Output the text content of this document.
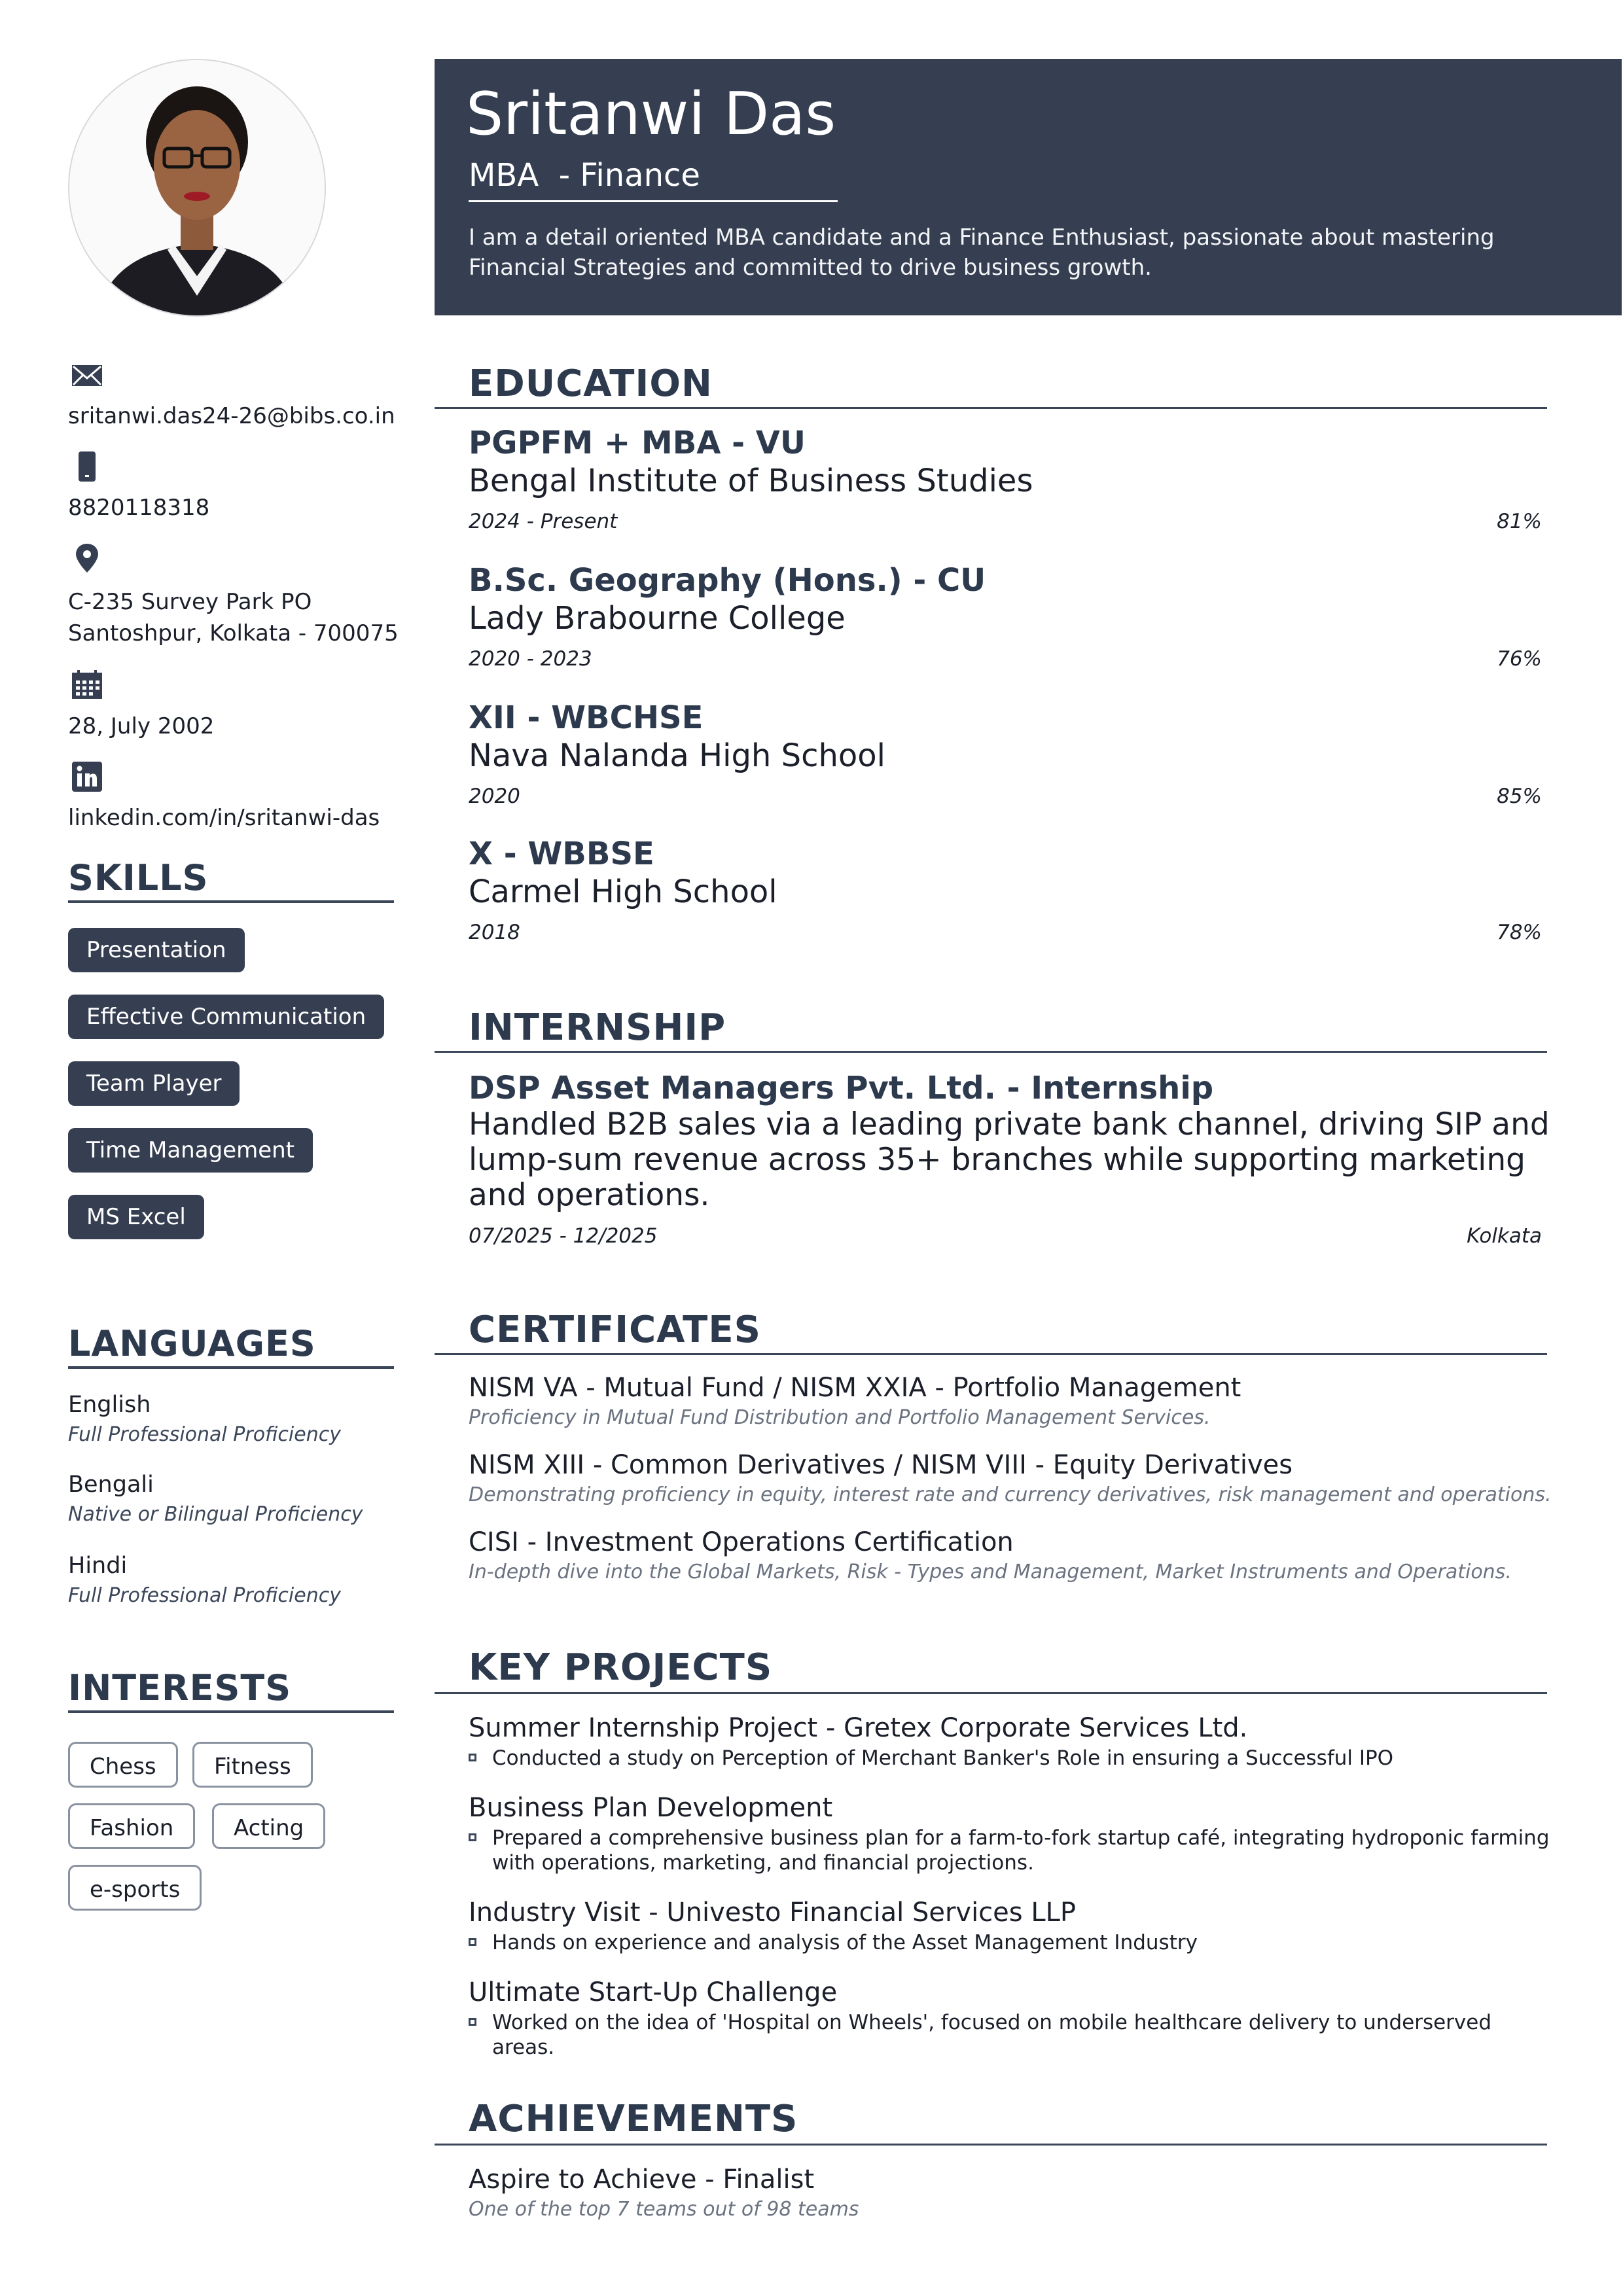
sritanwi.das24-26@bibs.co.in
8820118318
C-235 Survey Park PO
Santoshpur, Kolkata - 700075
28, July 2002
linkedin.com/in/sritanwi-das
SKILLS
Presentation
Effective Communication
Team Player
Time Management
MS Excel
LANGUAGES
English
Full Professional Proficiency
Bengali
Native or Bilingual Proficiency
Hindi
Full Professional Proficiency
INTERESTS
Chess	Fitness
Fashion	Acting
e-sports
Sritanwi Das
MBA  - Finance
I am a detail oriented MBA candidate and a Finance Enthusiast, passionate about mastering Financial Strategies and committed to drive business growth.
EDUCATION
PGPFM + MBA - VU
Bengal Institute of Business Studies
2024 - Present	81%
B.Sc. Geography (Hons.) - CU
Lady Brabourne College
2020 - 2023	76%
XII - WBCHSE
Nava Nalanda High School
2020	85%
X - WBBSE
Carmel High School
2018	78%
INTERNSHIP
DSP Asset Managers Pvt. Ltd. - Internship
Handled B2B sales via a leading private bank channel, driving SIP and lump-sum revenue across 35+ branches while supporting marketing and operations.
07/2025 - 12/2025	Kolkata
CERTIFICATES
NISM VA - Mutual Fund / NISM XXIA - Portfolio Management
Proficiency in Mutual Fund Distribution and Portfolio Management Services.
NISM XIII - Common Derivatives / NISM VIII - Equity Derivatives
Demonstrating proficiency in equity, interest rate and currency derivatives, risk management and operations.
CISI - Investment Operations Certification
In-depth dive into the Global Markets, Risk - Types and Management, Market Instruments and Operations.
KEY PROJECTS
Summer Internship Project - Gretex Corporate Services Ltd.
Conducted a study on Perception of Merchant Banker's Role in ensuring a Successful IPO
Business Plan Development
Prepared a comprehensive business plan for a farm-to-fork startup café, integrating hydroponic farming with operations, marketing, and financial projections.
Industry Visit - Univesto Financial Services LLP
Hands on experience and analysis of the Asset Management Industry
Ultimate Start-Up Challenge
Worked on the idea of 'Hospital on Wheels', focused on mobile healthcare delivery to underserved areas.
ACHIEVEMENTS
Aspire to Achieve - Finalist
One of the top 7 teams out of 98 teams
